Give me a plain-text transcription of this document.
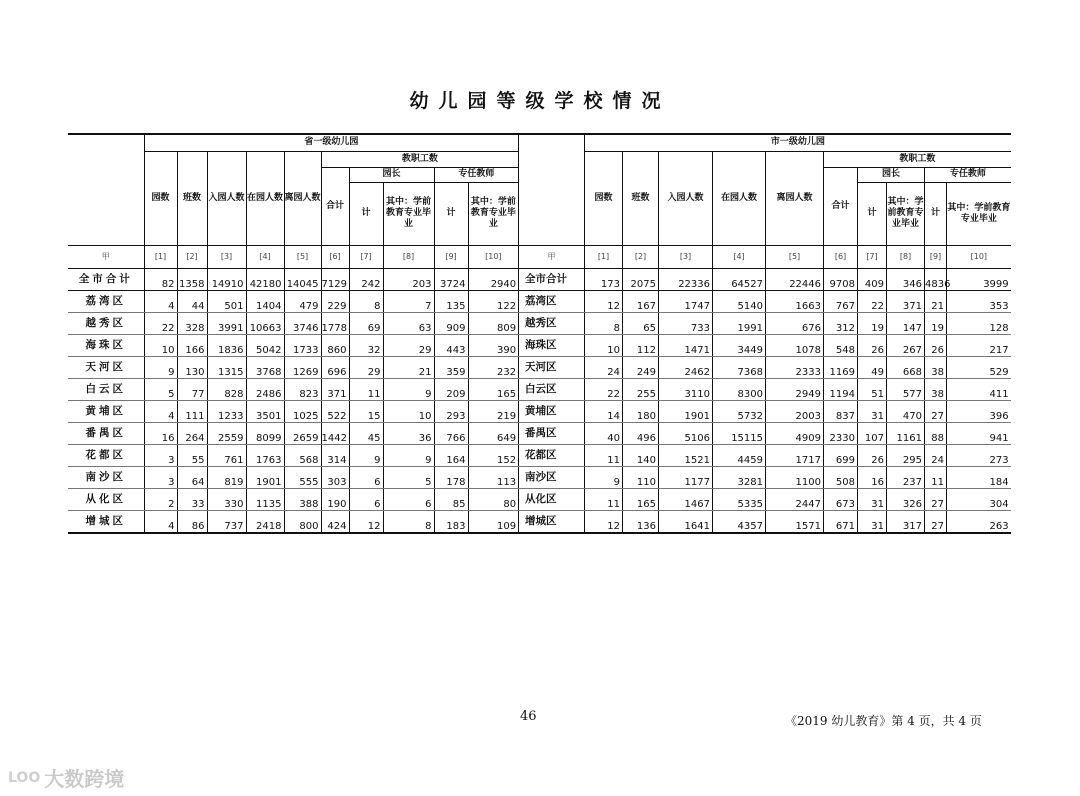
幼儿园等级学校情况
	省一级幼儿园									
	园数	班数	入园人数	在园人数	离园人数	教职工数				
						合计	园长		专任教师	
							计	其中：学前教育专业毕业	计	其中：学前教育专业毕业
甲	[1]	[2]	[3]	[4]	[5]	[6]	[7]	[8]	[9]	[10]
全市合计	82	1358	14910	42180	14045	7129	242	203	3724	2940
荔湾区	4	44	501	1404	479	229	8	7	135	122
越秀区	22	328	3991	10663	3746	1778	69	63	909	809
海珠区	10	166	1836	5042	1733	860	32	29	443	390
天河区	9	130	1315	3768	1269	696	29	21	359	232
白云区	5	77	828	2486	823	371	11	9	209	165
黄埔区	4	111	1233	3501	1025	522	15	10	293	219
番禺区	16	264	2559	8099	2659	1442	45	36	766	649
花都区	3	55	761	1763	568	314	9	9	164	152
南沙区	3	64	819	1901	555	303	6	5	178	113
从化区	2	33	330	1135	388	190	6	6	85	80
增城区	4	86	737	2418	800	424	12	8	183	109
	市一级幼儿园									
	园数	班数	入园人数	在园人数	离园人数	教职工数				
						合计	园长		专任教师	
							计	其中：学前教育专业毕业	计	其中：学前教育专业毕业
甲	[1]	[2]	[3]	[4]	[5]	[6]	[7]	[8]	[9]	[10]
全市合计	173	2075	22336	64527	22446	9708	409	346	4836	3999
荔湾区	12	167	1747	5140	1663	767	22	371	21	353
越秀区	8	65	733	1991	676	312	19	147	19	128
海珠区	10	112	1471	3449	1078	548	26	267	26	217
天河区	24	249	2462	7368	2333	1169	49	668	38	529
白云区	22	255	3110	8300	2949	1194	51	577	38	411
黄埔区	14	180	1901	5732	2003	837	31	470	27	396
番禺区	40	496	5106	15115	4909	2330	107	1161	88	941
花都区	11	140	1521	4459	1717	699	26	295	24	273
南沙区	9	110	1177	3281	1100	508	16	237	11	184
从化区	11	165	1467	5335	2447	673	31	326	27	304
增城区	12	136	1641	4357	1571	671	31	317	27	263
46	《2019 幼儿教育》第 4 页，共 4 页
LOO 大数跨境
